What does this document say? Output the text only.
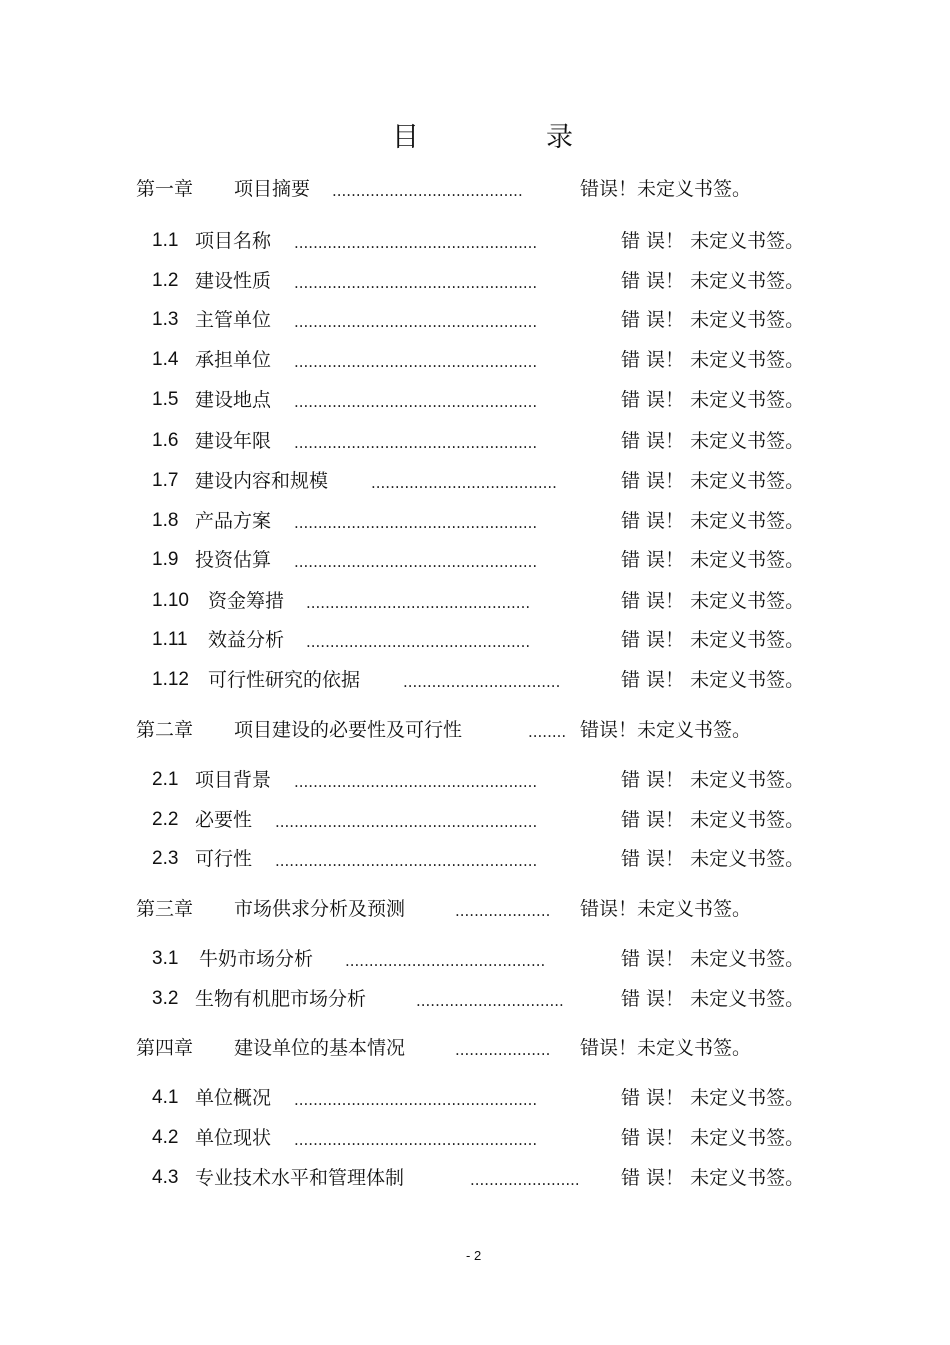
目	录
第一章 项目摘要 ........................................	错误！未定义书签。
1.1 项目名称 ...................................................	错 误！ 未定义书签。
1.2 建设性质 ...................................................	错 误！ 未定义书签。
1.3 主管单位 ...................................................	错 误！ 未定义书签。
1.4 承担单位 ...................................................	错 误！ 未定义书签。
1.5 建设地点 ...................................................	错 误！ 未定义书签。
1.6 建设年限 ...................................................	错 误！ 未定义书签。
1.7 建设内容和规模	.......................................	错 误！ 未定义书签。
1.8 产品方案 ...................................................	错 误！ 未定义书签。
1.9 投资估算 ...................................................	错 误！ 未定义书签。
1.10 资金筹措 ...............................................	错 误！ 未定义书签。
1.11 效益分析 ...............................................	错 误！ 未定义书签。
1.12 可行性研究的依据	.................................	错 误！ 未定义书签。
第二章 项目建设的必要性及可行性	........ 错误！未定义书签。
2.1 项目背景 ...................................................	错 误！ 未定义书签。
2.2 必要性 .......................................................	错 误！ 未定义书签。
2.3 可行性 .......................................................	错 误！ 未定义书签。
第三章 市场供求分析及预测	....................	错误！未定义书签。
3.1 牛奶市场分析 ..........................................	错 误！ 未定义书签。
3.2 生物有机肥市场分析	...............................	错 误！ 未定义书签。
第四章 建设单位的基本情况	....................	错误！未定义书签。
4.1 单位概况 ...................................................	错 误！ 未定义书签。
4.2 单位现状 ...................................................	错 误！ 未定义书签。
4.3 专业技术水平和管理体制	.......................	错 误！ 未定义书签。
- 2
